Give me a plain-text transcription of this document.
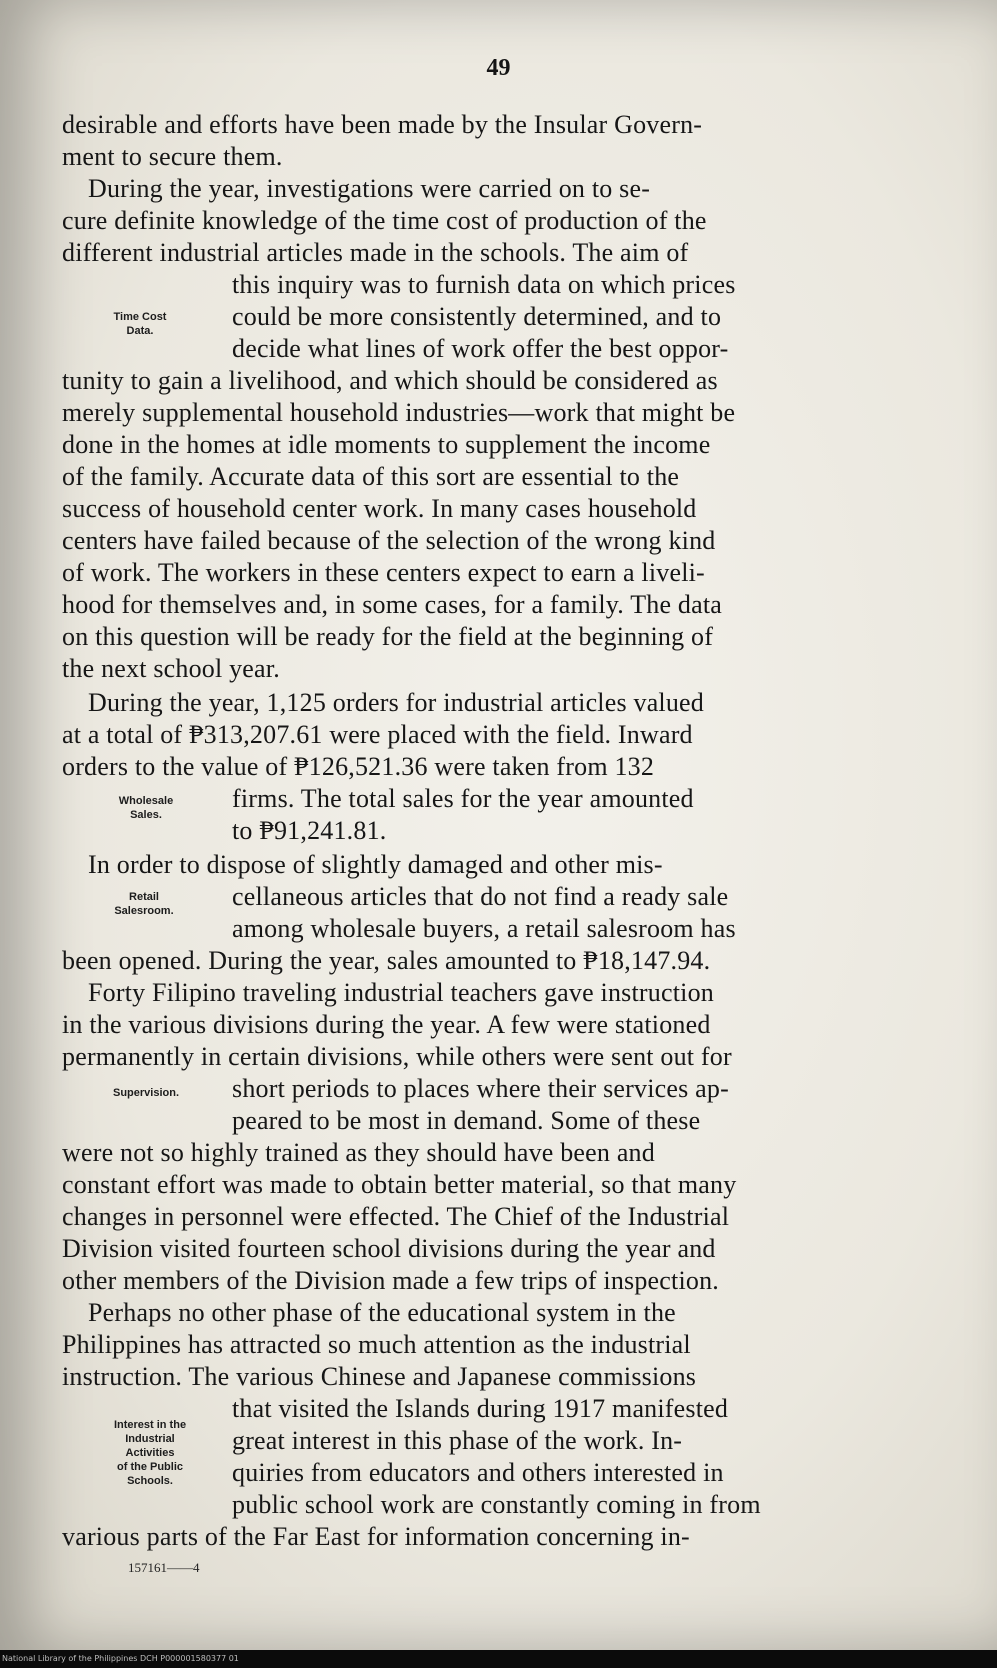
49
desirable and efforts have been made by the Insular Govern-
ment to secure them.
During the year, investigations were carried on to se-
cure definite knowledge of the time cost of production of the
different industrial articles made in the schools. The aim of
this inquiry was to furnish data on which prices
could be more consistently determined, and to
decide what lines of work offer the best oppor-
tunity to gain a livelihood, and which should be considered as
merely supplemental household industries—work that might be
done in the homes at idle moments to supplement the income
of the family. Accurate data of this sort are essential to the
success of household center work. In many cases household
centers have failed because of the selection of the wrong kind
of work. The workers in these centers expect to earn a liveli-
hood for themselves and, in some cases, for a family. The data
on this question will be ready for the field at the beginning of
the next school year.
During the year, 1,125 orders for industrial articles valued
at a total of ₱313,207.61 were placed with the field. Inward
orders to the value of ₱126,521.36 were taken from 132
firms. The total sales for the year amounted
to ₱91,241.81.
In order to dispose of slightly damaged and other mis-
cellaneous articles that do not find a ready sale
among wholesale buyers, a retail salesroom has
been opened. During the year, sales amounted to ₱18,147.94.
Forty Filipino traveling industrial teachers gave instruction
in the various divisions during the year. A few were stationed
permanently in certain divisions, while others were sent out for
short periods to places where their services ap-
peared to be most in demand. Some of these
were not so highly trained as they should have been and
constant effort was made to obtain better material, so that many
changes in personnel were effected. The Chief of the Industrial
Division visited fourteen school divisions during the year and
other members of the Division made a few trips of inspection.
Perhaps no other phase of the educational system in the
Philippines has attracted so much attention as the industrial
instruction. The various Chinese and Japanese commissions
that visited the Islands during 1917 manifested
great interest in this phase of the work. In-
quiries from educators and others interested in
public school work are constantly coming in from
various parts of the Far East for information concerning in-
Time Cost
Data.
Wholesale
Sales.
Retail
Salesroom.
Supervision.
Interest in the
Industrial
Activities
of the Public
Schools.
157161——4
National Library of the Philippines DCH P000001580377 01
